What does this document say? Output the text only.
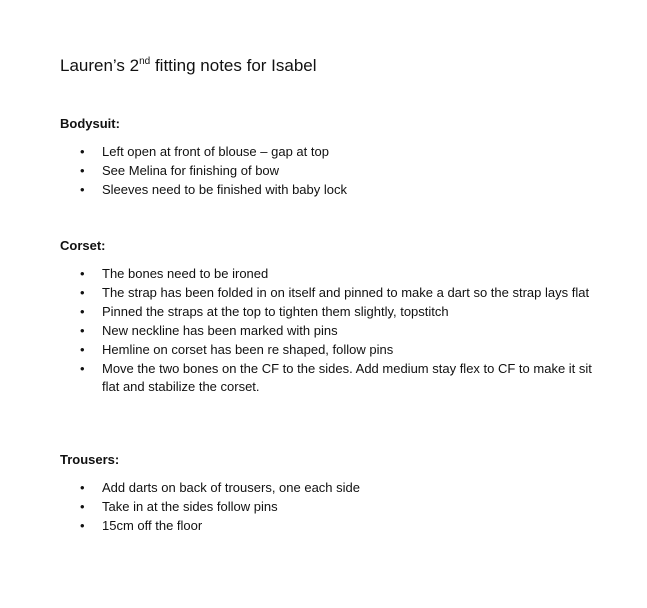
Lauren’s 2nd fitting notes for Isabel

Bodysuit:

• Left open at front of blouse – gap at top
• See Melina for finishing of bow
• Sleeves need to be finished with baby lock

Corset:

• The bones need to be ironed
• The strap has been folded in on itself and pinned to make a dart so the strap lays flat
• Pinned the straps at the top to tighten them slightly, topstitch
• New neckline has been marked with pins
• Hemline on corset has been re shaped, follow pins
• Move the two bones on the CF to the sides. Add medium stay flex to CF to make it sit flat and stabilize the corset.

Trousers:

• Add darts on back of trousers, one each side
• Take in at the sides follow pins
• 15cm off the floor
